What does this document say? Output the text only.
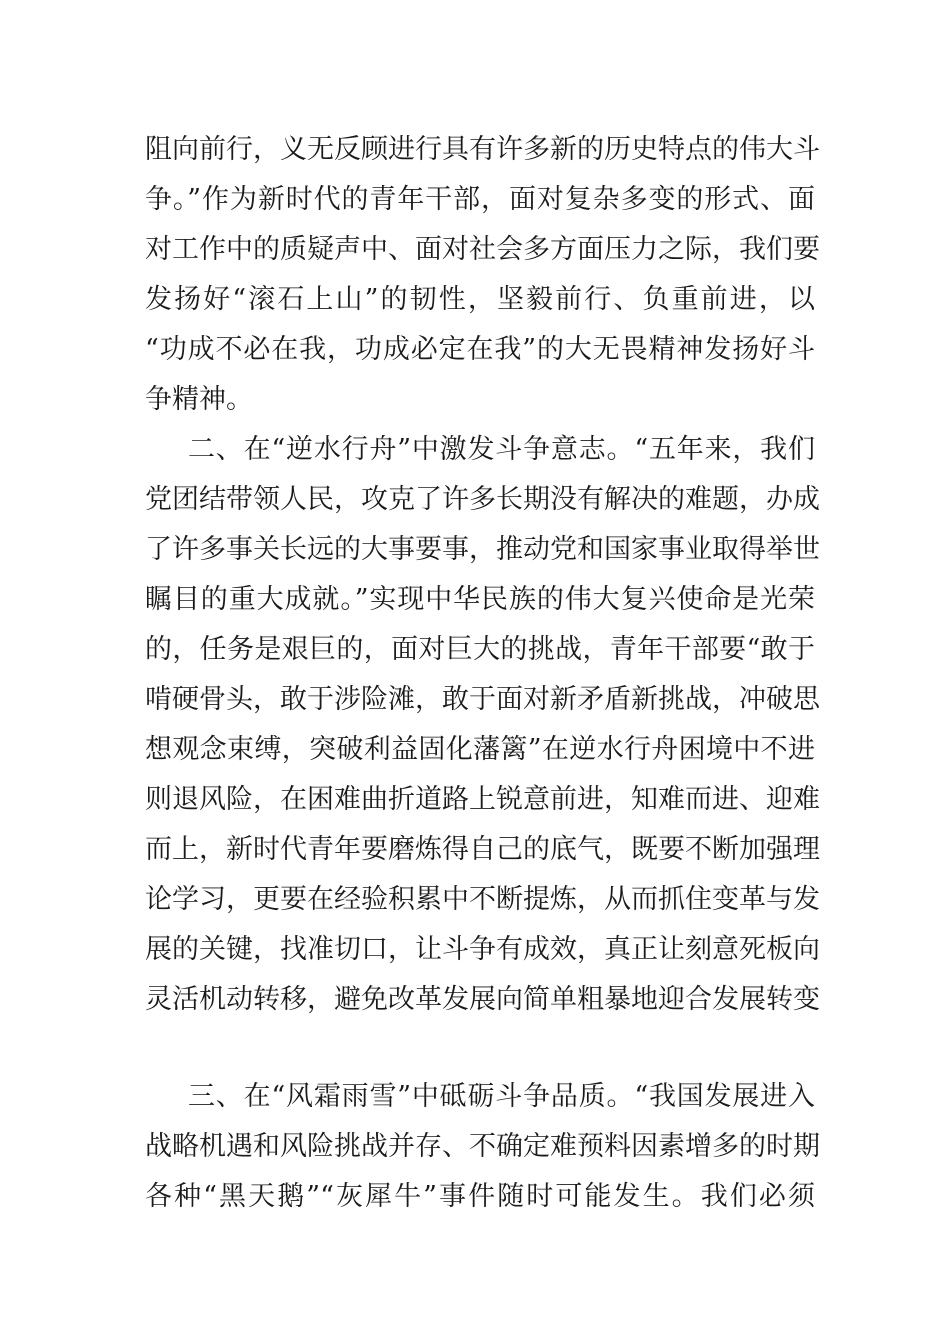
阻向前行，义无反顾进行具有许多新的历史特点的伟大斗
争。”作为新时代的青年干部，面对复杂多变的形式、面
对工作中的质疑声中、面对社会多方面压力之际，我们要
发扬好“滚石上山”的韧性，坚毅前行、负重前进，以
“功成不必在我，功成必定在我”的大无畏精神发扬好斗
争精神。
二、在“逆水行舟”中激发斗争意志。“五年来，我们
党团结带领人民，攻克了许多长期没有解决的难题，办成
了许多事关长远的大事要事，推动党和国家事业取得举世
瞩目的重大成就。”实现中华民族的伟大复兴使命是光荣
的，任务是艰巨的，面对巨大的挑战，青年干部要“敢于
啃硬骨头，敢于涉险滩，敢于面对新矛盾新挑战，冲破思
想观念束缚，突破利益固化藩篱”在逆水行舟困境中不进
则退风险，在困难曲折道路上锐意前进，知难而进、迎难
而上，新时代青年要磨炼得自己的底气，既要不断加强理
论学习，更要在经验积累中不断提炼，从而抓住变革与发
展的关键，找准切口，让斗争有成效，真正让刻意死板向
灵活机动转移，避免改革发展向简单粗暴地迎合发展转变
三、在“风霜雨雪”中砥砺斗争品质。“我国发展进入
战略机遇和风险挑战并存、不确定难预料因素增多的时期
各种“黑天鹅”“灰犀牛”事件随时可能发生。我们必须
